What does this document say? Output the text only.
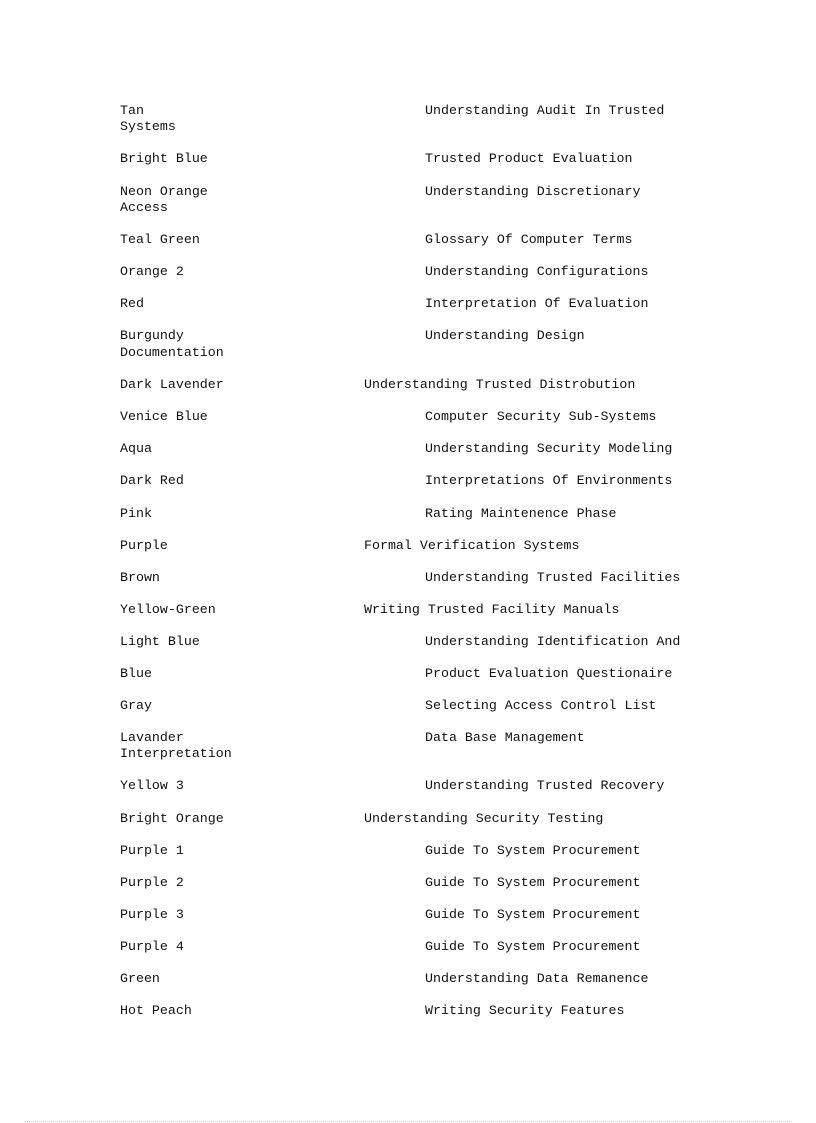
Tan	Understanding Audit In Trusted
Systems
Bright Blue	Trusted Product Evaluation
Neon Orange	Understanding Discretionary
Access
Teal Green	Glossary Of Computer Terms
Orange 2	Understanding Configurations
Red	Interpretation Of Evaluation
Burgundy	Understanding Design
Documentation
Dark Lavender	Understanding Trusted Distrobution
Venice Blue	Computer Security Sub-Systems
Aqua	Understanding Security Modeling
Dark Red	Interpretations Of Environments
Pink	Rating Maintenence Phase
Purple	Formal Verification Systems
Brown	Understanding Trusted Facilities
Yellow-Green	Writing Trusted Facility Manuals
Light Blue	Understanding Identification And
Blue	Product Evaluation Questionaire
Gray	Selecting Access Control List
Lavander	Data Base Management
Interpretation
Yellow 3	Understanding Trusted Recovery
Bright Orange	Understanding Security Testing
Purple 1	Guide To System Procurement
Purple 2	Guide To System Procurement
Purple 3	Guide To System Procurement
Purple 4	Guide To System Procurement
Green	Understanding Data Remanence
Hot Peach	Writing Security Features
